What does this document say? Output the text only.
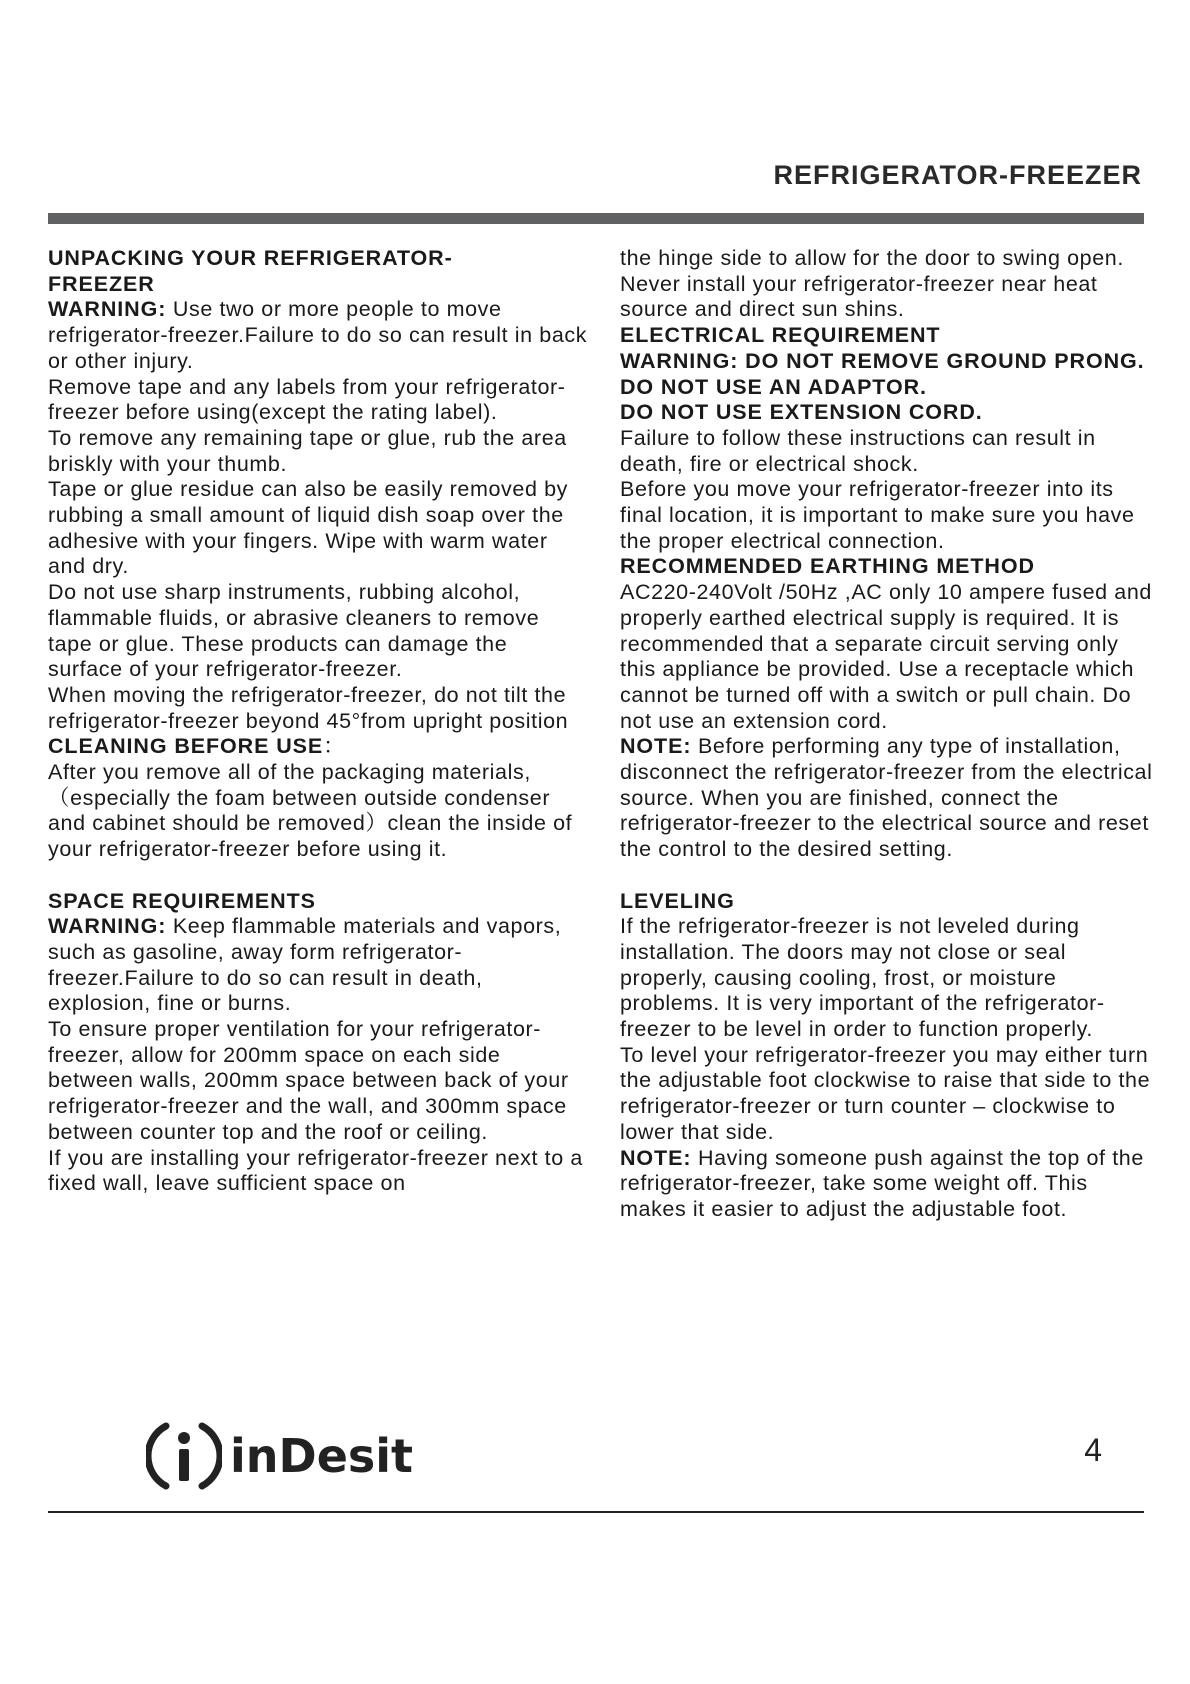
REFRIGERATOR-FREEZER
UNPACKING YOUR REFRIGERATOR-
FREEZER
WARNING: Use two or more people to move refrigerator-freezer.Failure to do so can result in back or other injury.
Remove tape and any labels from your refrigerator-freezer before using(except the rating label).
To remove any remaining tape or glue, rub the area briskly with your thumb.
Tape or glue residue can also be easily removed by rubbing a small amount of liquid dish soap over the adhesive with your fingers. Wipe with warm water and dry.
Do not use sharp instruments, rubbing alcohol, flammable fluids, or abrasive cleaners to remove tape or glue. These products can damage the surface of your refrigerator-freezer.
When moving the refrigerator-freezer, do not tilt the refrigerator-freezer beyond 45°from upright position
CLEANING BEFORE USE：
After you remove all of the packaging materials, （especially the foam between outside condenser and cabinet should be removed）clean the inside of your refrigerator-freezer before using it.
SPACE REQUIREMENTS
WARNING: Keep flammable materials and vapors, such as gasoline, away form refrigerator-freezer.Failure to do so can result in death, explosion, fine or burns.
To ensure proper ventilation for your refrigerator-freezer, allow for 200mm space on each side between walls, 200mm space between back of your refrigerator-freezer and the wall, and 300mm space between counter top and the roof or ceiling.
If you are installing your refrigerator-freezer next to a fixed wall, leave sufficient space on
the hinge side to allow for the door to swing open.
Never install your refrigerator-freezer near heat source and direct sun shins.
ELECTRICAL REQUIREMENT
WARNING: DO NOT REMOVE GROUND PRONG.
DO NOT USE AN ADAPTOR.
DO NOT USE EXTENSION CORD.
Failure to follow these instructions can result in death, fire or electrical shock.
Before you move your refrigerator-freezer into its final location, it is important to make sure you have the proper electrical connection.
RECOMMENDED EARTHING METHOD
AC220-240Volt /50Hz ,AC only 10 ampere fused and properly earthed electrical supply is required. It is recommended that a separate circuit serving only this appliance be provided. Use a receptacle which cannot be turned off with a switch or pull chain. Do not use an extension cord.
NOTE: Before performing any type of installation, disconnect the refrigerator-freezer from the electrical source. When you are finished, connect the refrigerator-freezer to the electrical source and reset the control to the desired setting.
LEVELING
If the refrigerator-freezer is not leveled during installation. The doors may not close or seal properly, causing cooling, frost, or moisture problems. It is very important of the refrigerator-freezer to be level in order to function properly.
To level your refrigerator-freezer you may either turn the adjustable foot clockwise to raise that side to the refrigerator-freezer or turn counter – clockwise to lower that side.
NOTE: Having someone push against the top of the refrigerator-freezer, take some weight off. This makes it easier to adjust the adjustable foot.
inDesit	4
